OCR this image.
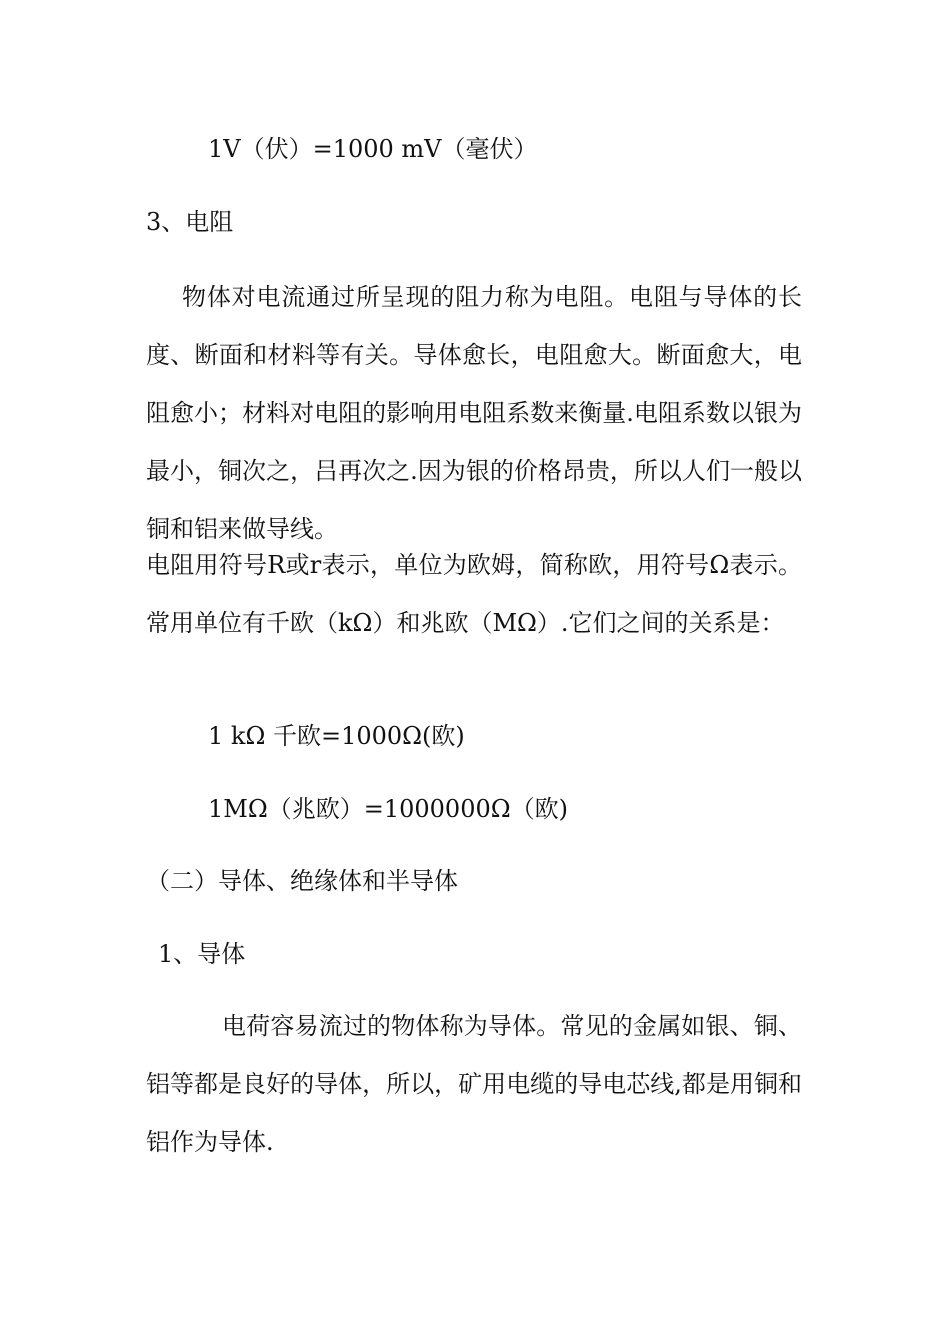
1V（伏）=1000 mV（毫伏）
3、电阻
物体对电流通过所呈现的阻力称为电阻。电阻与导体的长度、断面和材料等有关。导体愈长，电阻愈大。断面愈大，电阻愈小；材料对电阻的影响用电阻系数来衡量.电阻系数以银为最小，铜次之，吕再次之.因为银的价格昂贵，所以人们一般以铜和铝来做导线。
电阻用符号R或r表示，单位为欧姆，简称欧，用符号Ω表示。常用单位有千欧（kΩ）和兆欧（MΩ）.它们之间的关系是：
1 kΩ 千欧=1000Ω(欧)
1MΩ（兆欧）=1000000Ω（欧)
（二）导体、绝缘体和半导体
1、导体
电荷容易流过的物体称为导体。常见的金属如银、铜、铝等都是良好的导体，所以，矿用电缆的导电芯线,都是用铜和铝作为导体.
